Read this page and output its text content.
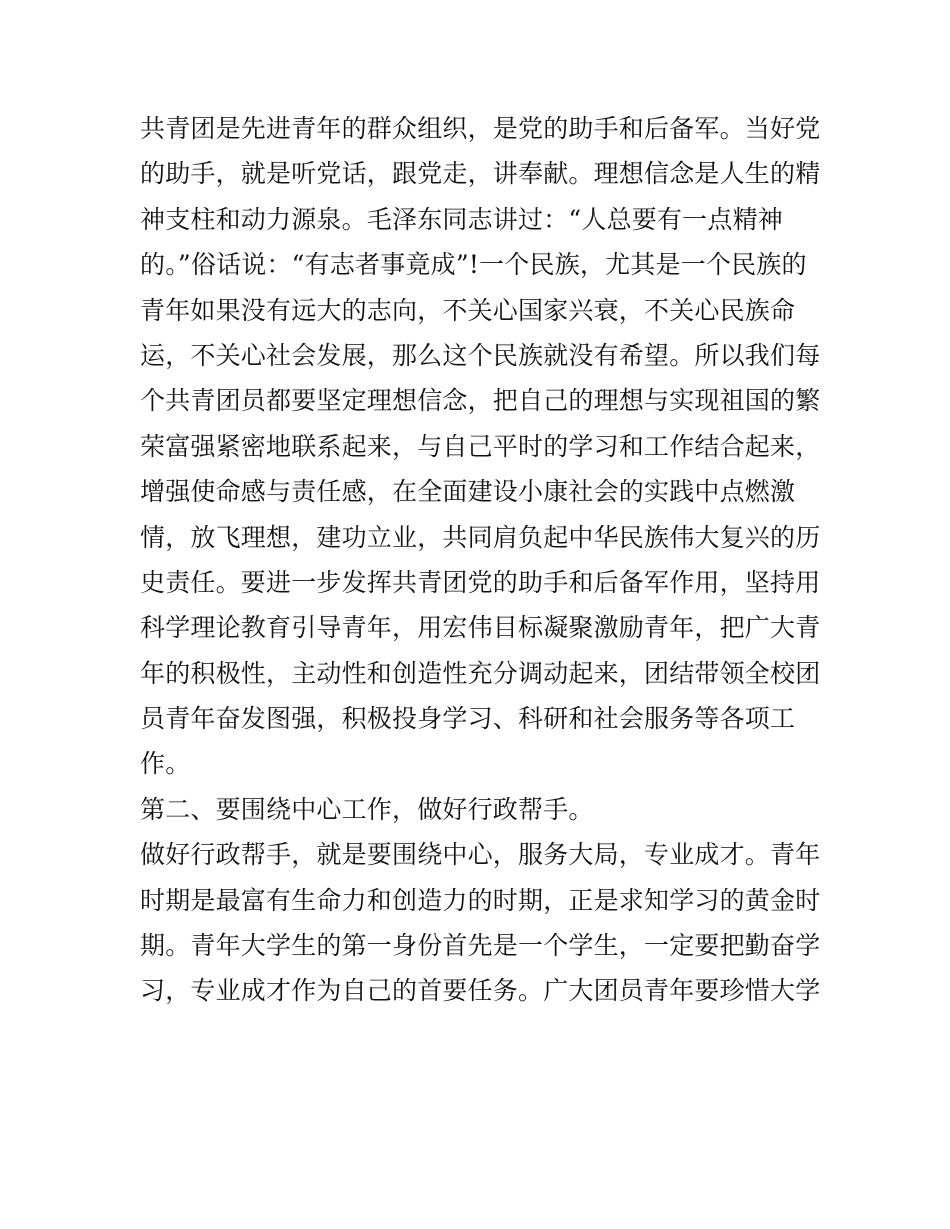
共青团是先进青年的群众组织，是党的助手和后备军。当好党
的助手，就是听党话，跟党走，讲奉献。理想信念是人生的精
神支柱和动力源泉。毛泽东同志讲过：“人总要有一点精神
的。”俗话说：“有志者事竟成”!一个民族，尤其是一个民族的
青年如果没有远大的志向，不关心国家兴衰，不关心民族命
运，不关心社会发展，那么这个民族就没有希望。所以我们每
个共青团员都要坚定理想信念，把自己的理想与实现祖国的繁
荣富强紧密地联系起来，与自己平时的学习和工作结合起来，
增强使命感与责任感，在全面建设小康社会的实践中点燃激
情，放飞理想，建功立业，共同肩负起中华民族伟大复兴的历
史责任。要进一步发挥共青团党的助手和后备军作用，坚持用
科学理论教育引导青年，用宏伟目标凝聚激励青年，把广大青
年的积极性，主动性和创造性充分调动起来，团结带领全校团
员青年奋发图强，积极投身学习、科研和社会服务等各项工
作。
第二、要围绕中心工作，做好行政帮手。
做好行政帮手，就是要围绕中心，服务大局，专业成才。青年
时期是最富有生命力和创造力的时期，正是求知学习的黄金时
期。青年大学生的第一身份首先是一个学生，一定要把勤奋学
习，专业成才作为自己的首要任务。广大团员青年要珍惜大学
